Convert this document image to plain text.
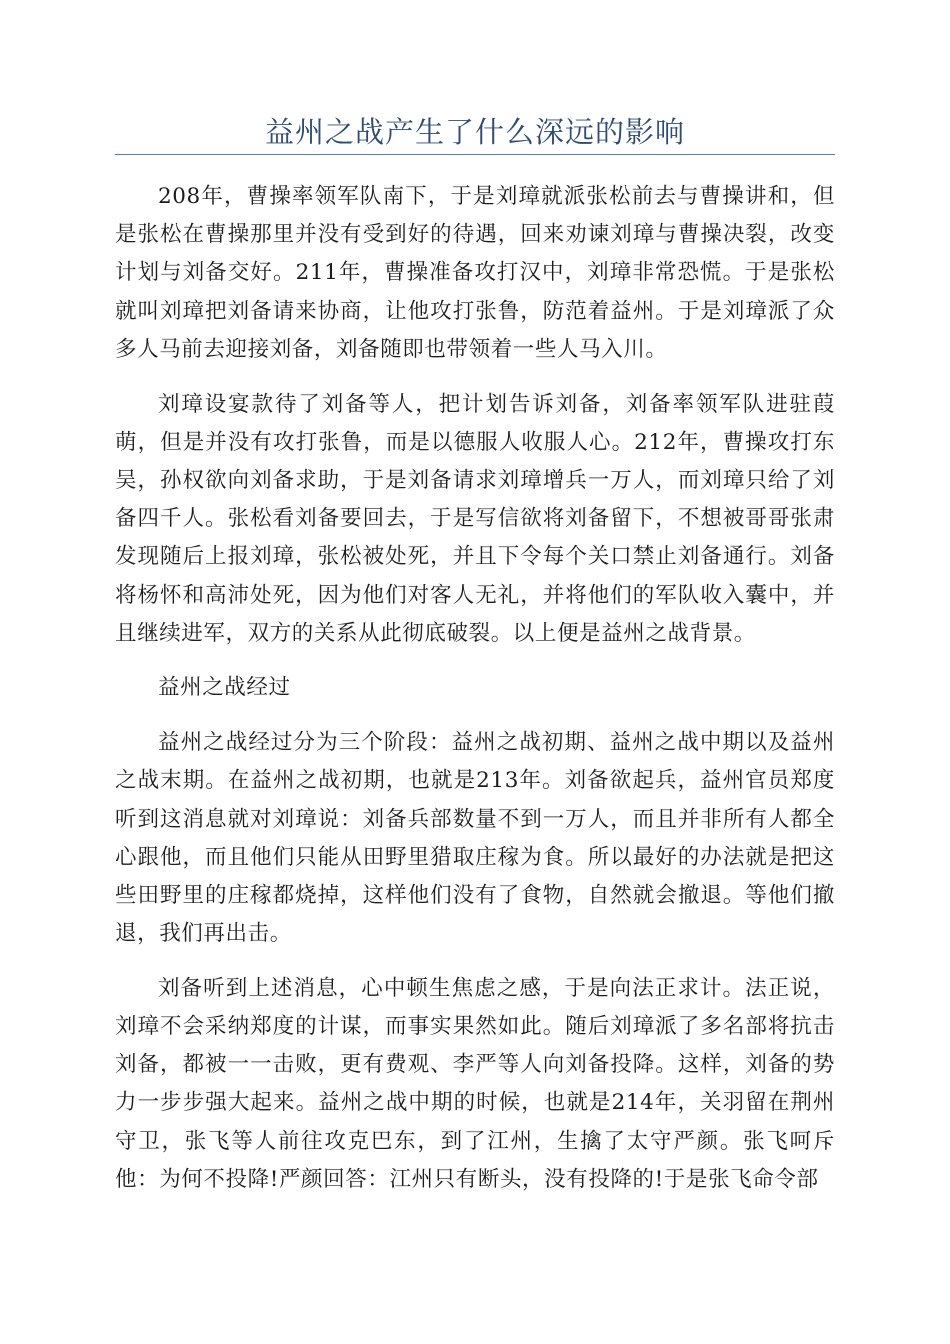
益州之战产生了什么深远的影响

208年，曹操率领军队南下，于是刘璋就派张松前去与曹操讲和，但是张松在曹操那里并没有受到好的待遇，回来劝谏刘璋与曹操决裂，改变计划与刘备交好。211年，曹操准备攻打汉中，刘璋非常恐慌。于是张松就叫刘璋把刘备请来协商，让他攻打张鲁，防范着益州。于是刘璋派了众多人马前去迎接刘备，刘备随即也带领着一些人马入川。

刘璋设宴款待了刘备等人，把计划告诉刘备，刘备率领军队进驻葭萌，但是并没有攻打张鲁，而是以德服人收服人心。212年，曹操攻打东吴，孙权欲向刘备求助，于是刘备请求刘璋增兵一万人，而刘璋只给了刘备四千人。张松看刘备要回去，于是写信欲将刘备留下，不想被哥哥张肃发现随后上报刘璋，张松被处死，并且下令每个关口禁止刘备通行。刘备将杨怀和高沛处死，因为他们对客人无礼，并将他们的军队收入囊中，并且继续进军，双方的关系从此彻底破裂。以上便是益州之战背景。

益州之战经过

益州之战经过分为三个阶段：益州之战初期、益州之战中期以及益州之战末期。在益州之战初期，也就是213年。刘备欲起兵，益州官员郑度听到这消息就对刘璋说：刘备兵部数量不到一万人，而且并非所有人都全心跟他，而且他们只能从田野里猎取庄稼为食。所以最好的办法就是把这些田野里的庄稼都烧掉，这样他们没有了食物，自然就会撤退。等他们撤退，我们再出击。

刘备听到上述消息，心中顿生焦虑之感，于是向法正求计。法正说，刘璋不会采纳郑度的计谋，而事实果然如此。随后刘璋派了多名部将抗击刘备，都被一一击败，更有费观、李严等人向刘备投降。这样，刘备的势力一步步强大起来。益州之战中期的时候，也就是214年，关羽留在荆州守卫，张飞等人前往攻克巴东，到了江州，生擒了太守严颜。张飞呵斥他：为何不投降!严颜回答：江州只有断头，没有投降的!于是张飞命令部
